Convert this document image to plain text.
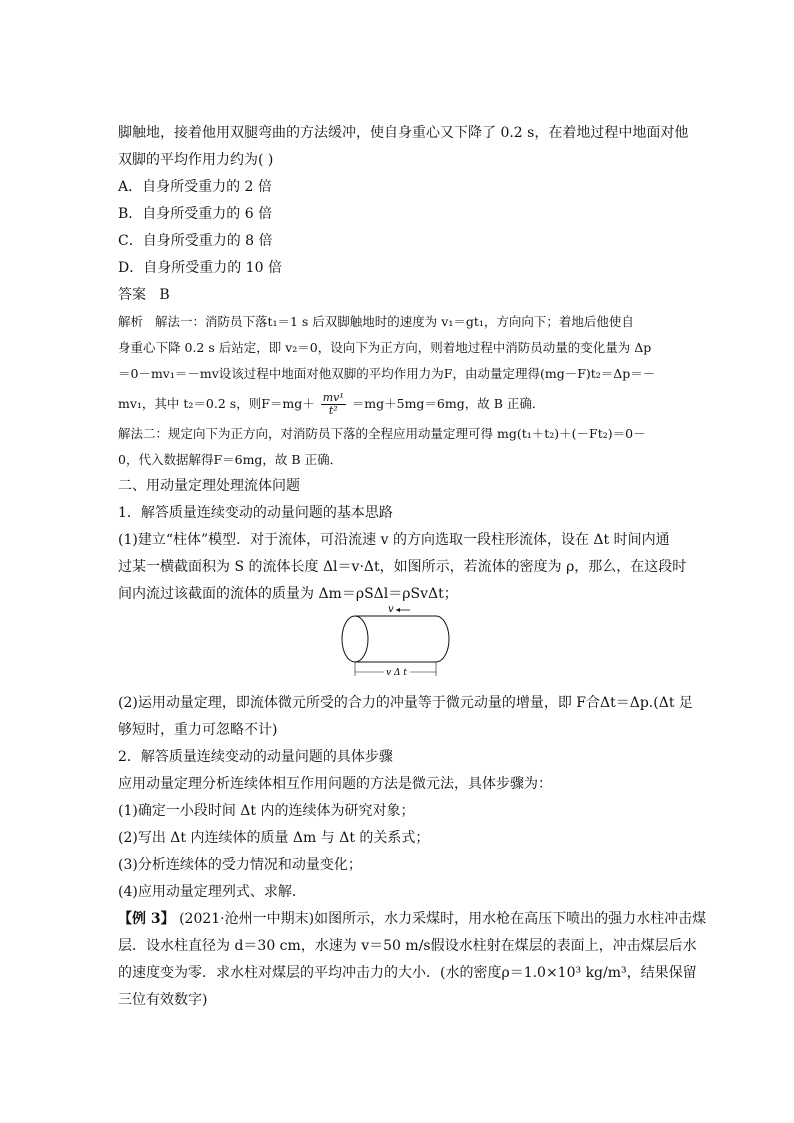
脚触地，接着他用双腿弯曲的方法缓冲，使自身重心又下降了 0.2 s，在着地过程中地面对他
双脚的平均作用力约为( )
A．自身所受重力的 2 倍
B．自身所受重力的 6 倍
C．自身所受重力的 8 倍
D．自身所受重力的 10 倍
答案 B
解析 解法一：消防员下落t₁＝1 s 后双脚触地时的速度为 v₁＝gt₁，方向向下；着地后他使自
身重心下降 0.2 s 后站定，即 v₂＝0，设向下为正方向，则着地过程中消防员动量的变化量为 Δp
＝0－mv₁＝－mv设该过程中地面对他双脚的平均作用力为F，由动量定理得(mg－F)t₂＝Δp＝－
mv₁，其中 t₂＝0.2 s，则$F=mg+ \frac{\text{mv¹}}{\text{t²}} =mg+5mg=6mg$，故 B 正确．
解法二：规定向下为正方向，对消防员下落的全程应用动量定理可得 mg(t₁＋t₂)＋(－Ft₂)＝0－
0，代入数据解得F＝6mg，故 B 正确．
二、用动量定理处理流体问题
1．解答质量连续变动的动量问题的基本思路
(1)建立“柱体”模型．对于流体，可沿流速 v 的方向选取一段柱形流体，设在 Δt 时间内通
过某一横截面积为 S 的流体长度 Δl＝v·Δt，如图所示，若流体的密度为 ρ，那么，在这段时
间内流过该截面的流体的质量为 Δm＝ρSΔl＝ρSvΔt；
(2)运用动量定理，即流体微元所受的合力的冲量等于微元动量的增量，即 F合Δt＝Δp.(Δt 足
够短时，重力可忽略不计)
2．解答质量连续变动的动量问题的具体步骤
应用动量定理分析连续体相互作用问题的方法是微元法，具体步骤为：
(1)确定一小段时间 Δt 内的连续体为研究对象；
(2)写出 Δt 内连续体的质量 Δm 与 Δt 的关系式；
(3)分析连续体的受力情况和动量变化；
(4)应用动量定理列式、求解．
【例 3】 (2021·沧州一中期末)如图所示，水力采煤时，用水枪在高压下喷出的强力水柱冲击煤
层．设水柱直径为 d＝30 cm，水速为 v＝50 m/s假设水柱射在煤层的表面上，冲击煤层后水
的速度变为零．求水柱对煤层的平均冲击力的大小．(水的密度ρ＝1.0×10³ kg/m³，结果保留
三位有效数字)
v
v Δ t
